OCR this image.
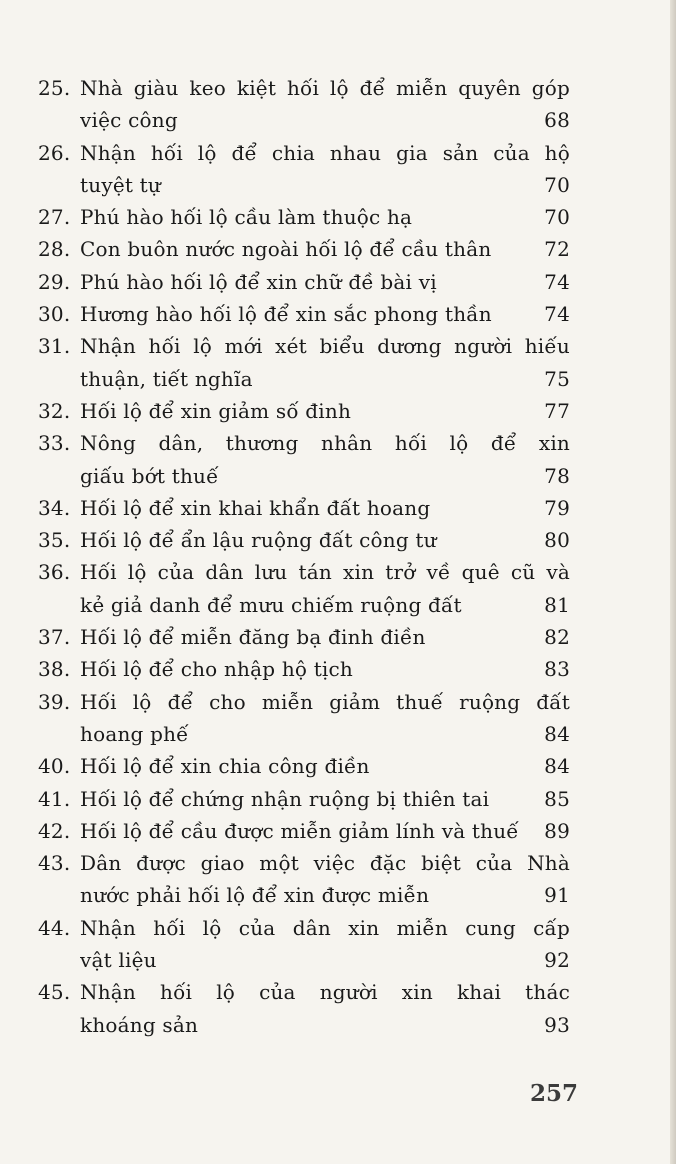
25. Nhà giàu keo kiệt hối lộ để miễn quyên góp
việc công	68
26. Nhận hối lộ để chia nhau gia sản của hộ
tuyệt tự	70
27. Phú hào hối lộ cầu làm thuộc hạ	70
28. Con buôn nước ngoài hối lộ để cầu thân	72
29. Phú hào hối lộ để xin chữ đề bài vị	74
30. Hương hào hối lộ để xin sắc phong thần	74
31. Nhận hối lộ mới xét biểu dương người hiếu
thuận, tiết nghĩa	75
32. Hối lộ để xin giảm số đinh	77
33. Nông dân, thương nhân hối lộ để xin
giấu bớt thuế	78
34. Hối lộ để xin khai khẩn đất hoang	79
35. Hối lộ để ẩn lậu ruộng đất công tư	80
36. Hối lộ của dân lưu tán xin trở về quê cũ và
kẻ giả danh để mưu chiếm ruộng đất	81
37. Hối lộ để miễn đăng bạ đinh điền	82
38. Hối lộ để cho nhập hộ tịch	83
39. Hối lộ để cho miễn giảm thuế ruộng đất
hoang phế	84
40. Hối lộ để xin chia công điền	84
41. Hối lộ để chứng nhận ruộng bị thiên tai	85
42. Hối lộ để cầu được miễn giảm lính và thuế	89
43. Dân được giao một việc đặc biệt của Nhà
nước phải hối lộ để xin được miễn	91
44. Nhận hối lộ của dân xin miễn cung cấp
vật liệu	92
45. Nhận hối lộ của người xin khai thác
khoáng sản	93
257
